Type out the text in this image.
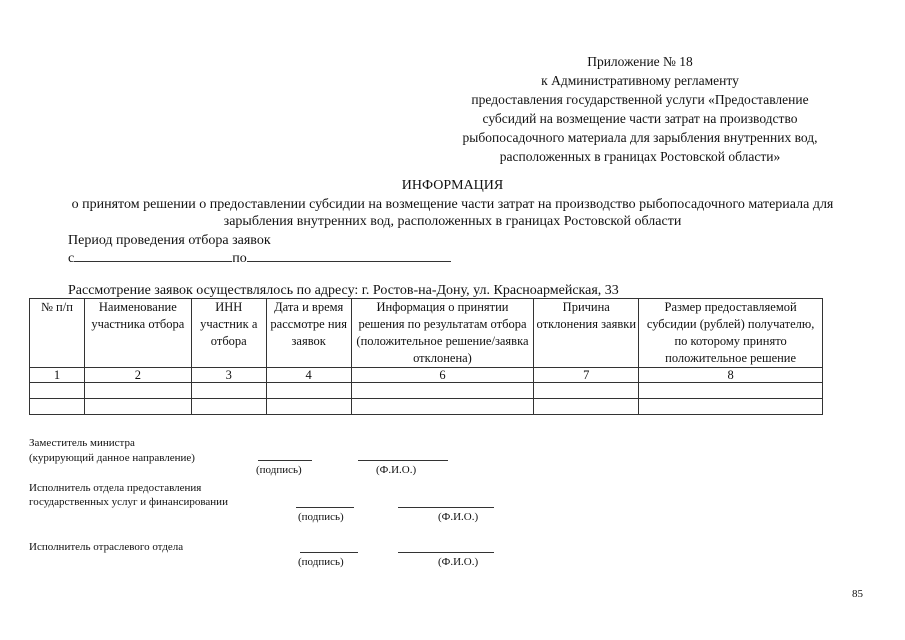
Приложение № 18
к Административному регламенту
предоставления государственной услуги «Предоставление
субсидий на возмещение части затрат на производство
рыбопосадочного материала для зарыбления внутренних вод,
расположенных в границах Ростовской области»
ИНФОРМАЦИЯ
о принятом решении о предоставлении субсидии на возмещение части затрат на производство рыбопосадочного материала для зарыбления внутренних вод, расположенных в границах Ростовской области
Период проведения отбора заявок
с	по
Рассмотрение заявок осуществлялось по адресу: г. Ростов-на-Дону, ул. Красноармейская, 33
№ п/п	Наименование участника отбора	ИНН участник а отбора	Дата и время рассмотре ния заявок	Информация о принятии решения по результатам отбора (положительное решение/заявка отклонена)	Причина отклонения заявки	Размер предоставляемой субсидии (рублей) получателю, по которому принято положительное решение
1	2	3	4	6	7	8

Заместитель министра
(курирующий данное направление)
(подпись)	(Ф.И.О.)
Исполнитель отдела предоставления
государственных услуг и финансировании
(подпись)	(Ф.И.О.)
Исполнитель отраслевого отдела
(подпись)	(Ф.И.О.)
85
